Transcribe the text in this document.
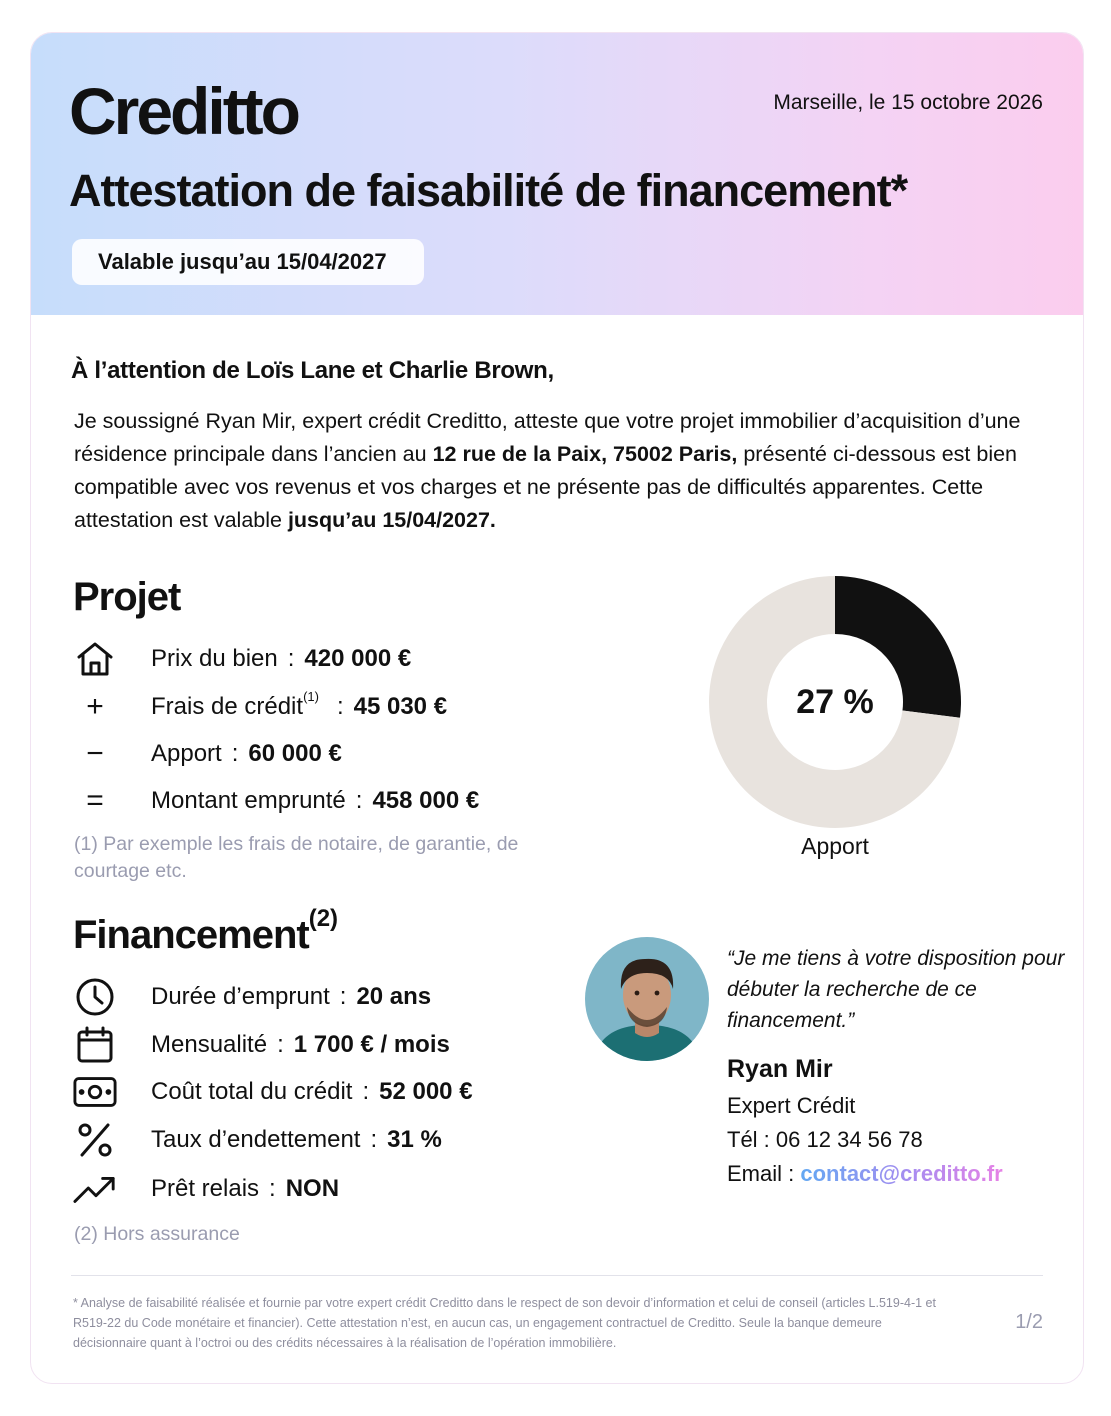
Creditto	Marseille, le 15 octobre 2026
Attestation de faisabilité de financement*
Valable jusqu’au 15/04/2027
À l’attention de Loïs Lane et Charlie Brown,

Je soussigné Ryan Mir, expert crédit Creditto, atteste que votre projet immobilier d’acquisition d’une résidence principale dans l’ancien au 12 rue de la Paix, 75002 Paris, présenté ci-dessous est bien compatible avec vos revenus et vos charges et ne présente pas de difficultés apparentes. Cette attestation est valable jusqu’au 15/04/2027.

Projet
Prix du bien : 420 000 €
+	Frais de crédit$^{(1)}$ : 45 030 €
−	Apport : 60 000 €
=	Montant emprunté : 458 000 €
(1) Par exemple les frais de notaire, de garantie, de courtage etc.
27 %
Apport
Financement$^{(2)}$
Durée d’emprunt : 20 ans
Mensualité : 1 700 € / mois
Coût total du crédit : 52 000 €
Taux d’endettement : 31 %
Prêt relais : NON
(2) Hors assurance
“Je me tiens à votre disposition pour débuter la recherche de ce financement.”
Ryan Mir
Expert Crédit
Tél : 06 12 34 56 78
Email : contact@creditto.fr
* Analyse de faisabilité réalisée et fournie par votre expert crédit Creditto dans le respect de son devoir d’information et celui de conseil (articles L.519-4-1 et R519-22 du Code monétaire et financier). Cette attestation n’est, en aucun cas, un engagement contractuel de Creditto. Seule la banque demeure décisionnaire quant à l’octroi ou des crédits nécessaires à la réalisation de l’opération immobilière.
1/2
